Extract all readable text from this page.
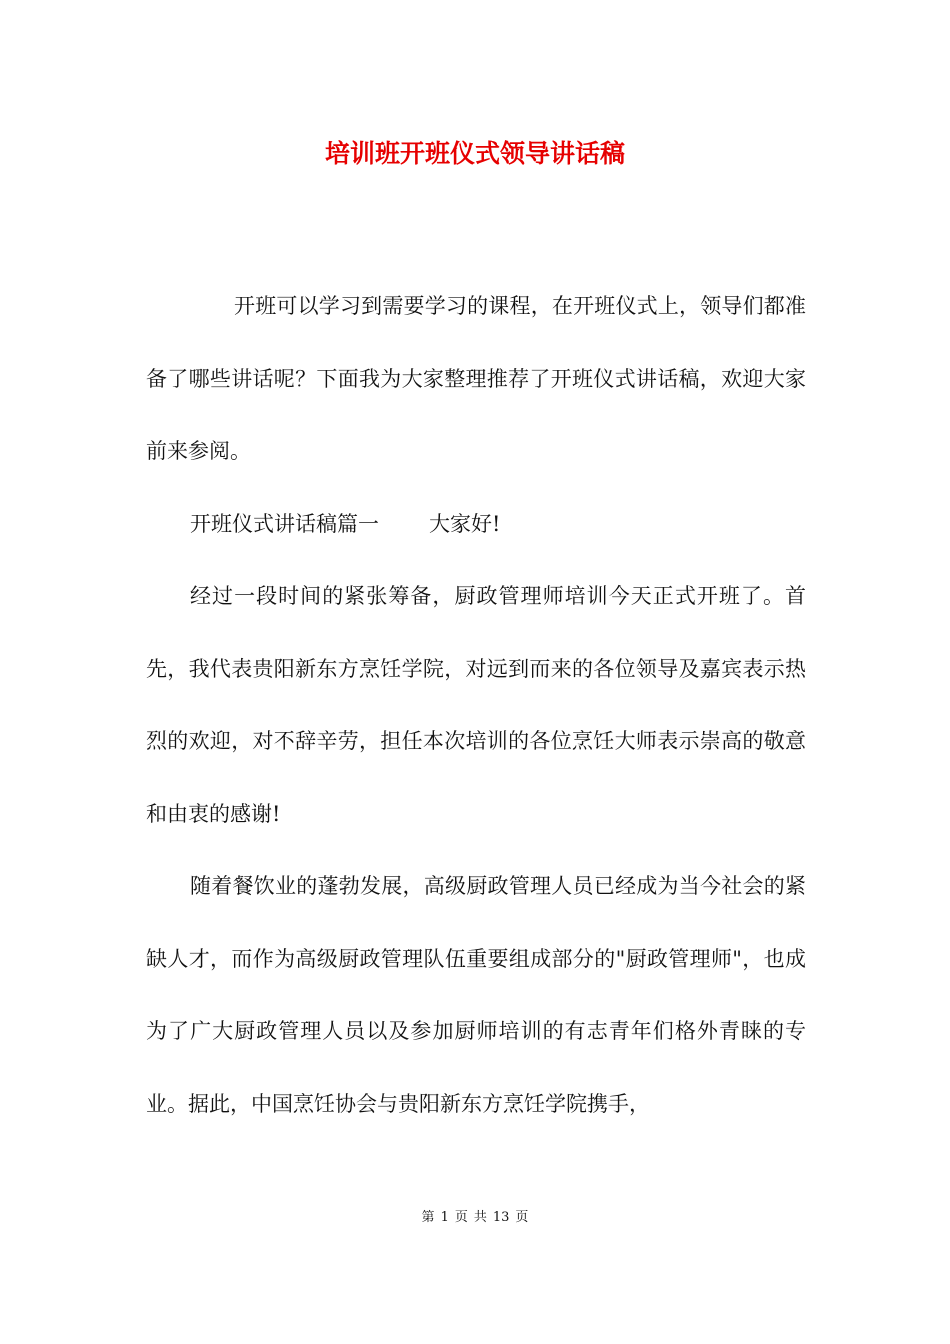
培训班开班仪式领导讲话稿

开班可以学习到需要学习的课程，在开班仪式上，领导们都准备了哪些讲话呢？下面我为大家整理推荐了开班仪式讲话稿，欢迎大家前来参阅。

开班仪式讲话稿篇一 大家好!

经过一段时间的紧张筹备，厨政管理师培训今天正式开班了。首先，我代表贵阳新东方烹饪学院，对远到而来的各位领导及嘉宾表示热烈的欢迎，对不辞辛劳，担任本次培训的各位烹饪大师表示崇高的敬意和由衷的感谢!

随着餐饮业的蓬勃发展，高级厨政管理人员已经成为当今社会的紧缺人才，而作为高级厨政管理队伍重要组成部分的"厨政管理师"，也成为了广大厨政管理人员以及参加厨师培训的有志青年们格外青睐的专业。据此，中国烹饪协会与贵阳新东方烹饪学院携手，

第 1 页 共 13 页
